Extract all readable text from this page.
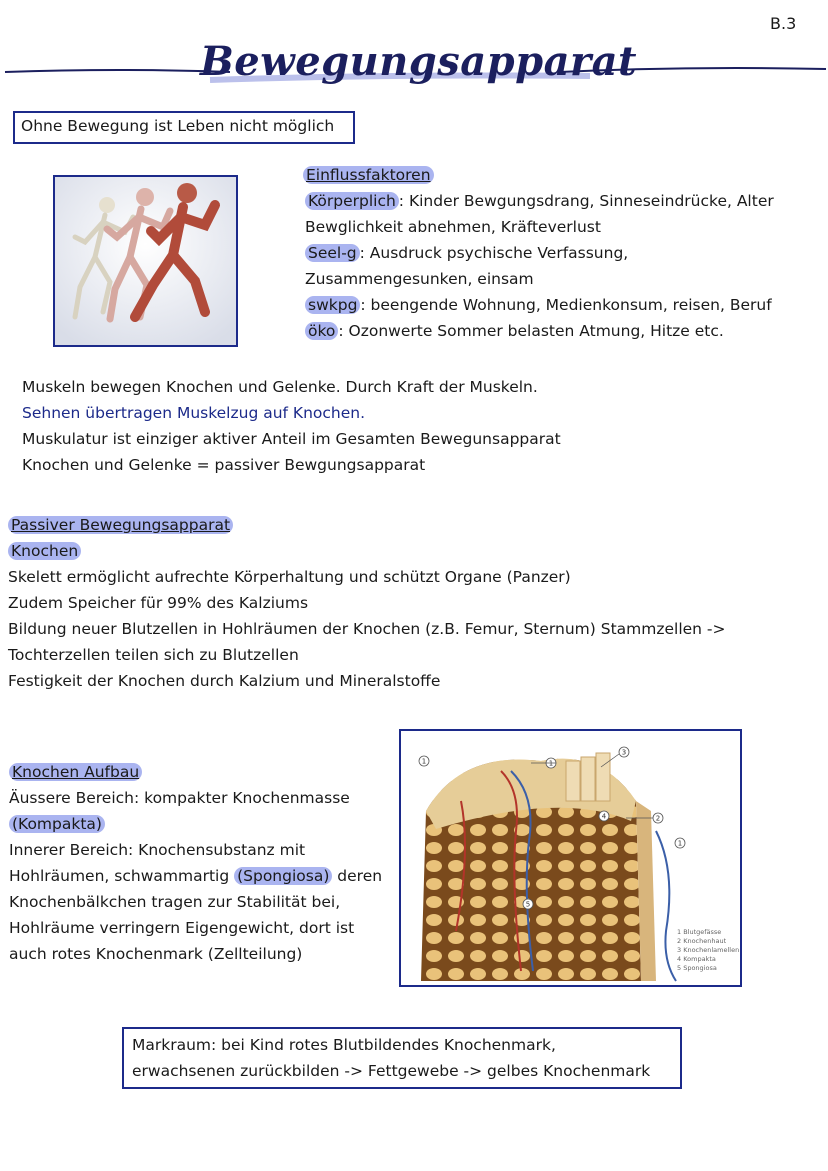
B.3
Bewegungsapparat
Ohne Bewegung ist Leben nicht möglich
Einflussfaktoren
Körperplich : Kinder Bewgungsdrang, Sinneseindrücke, Alter
Bewglichkeit abnehmen, Kräfteverlust
Seel-g : Ausdruck psychische Verfassung,
Zusammengesunken, einsam
swkpg : beengende Wohnung, Medienkonsum, reisen, Beruf
öko : Ozonwerte Sommer belasten Atmung, Hitze etc.
Muskeln bewegen Knochen und Gelenke. Durch Kraft der Muskeln.
Sehnen übertragen Muskelzug auf Knochen.
Muskulatur ist einziger aktiver Anteil im Gesamten Bewegunsapparat
Knochen und Gelenke = passiver Bewgungsapparat
Passiver Bewegungsapparat
Knochen
Skelett ermöglicht aufrechte Körperhaltung und schützt Organe (Panzer)
Zudem Speicher für 99% des Kalziums
Bildung neuer Blutzellen in Hohlräumen der Knochen (z.B. Femur, Sternum) Stammzellen ->
Tochterzellen teilen sich zu Blutzellen
Festigkeit der Knochen durch Kalzium und Mineralstoffe
Knochen Aufbau
Äussere Bereich: kompakter Knochenmasse
(Kompakta)
Innerer Bereich: Knochensubstanz mit
Hohlräumen, schwammartig (Spongiosa) deren
Knochenbälkchen tragen zur Stabilität bei,
Hohlräume verringern Eigengewicht, dort ist
auch rotes Knochenmark (Zellteilung)
1	1
3
4	2
1
5
1 Blutgefässe
2 Knochenhaut
3 Knochenlamellen
4 Kompakta
5 Spongiosa
Markraum: bei Kind rotes Blutbildendes Knochenmark,
erwachsenen zurückbilden -> Fettgewebe -> gelbes Knochenmark
